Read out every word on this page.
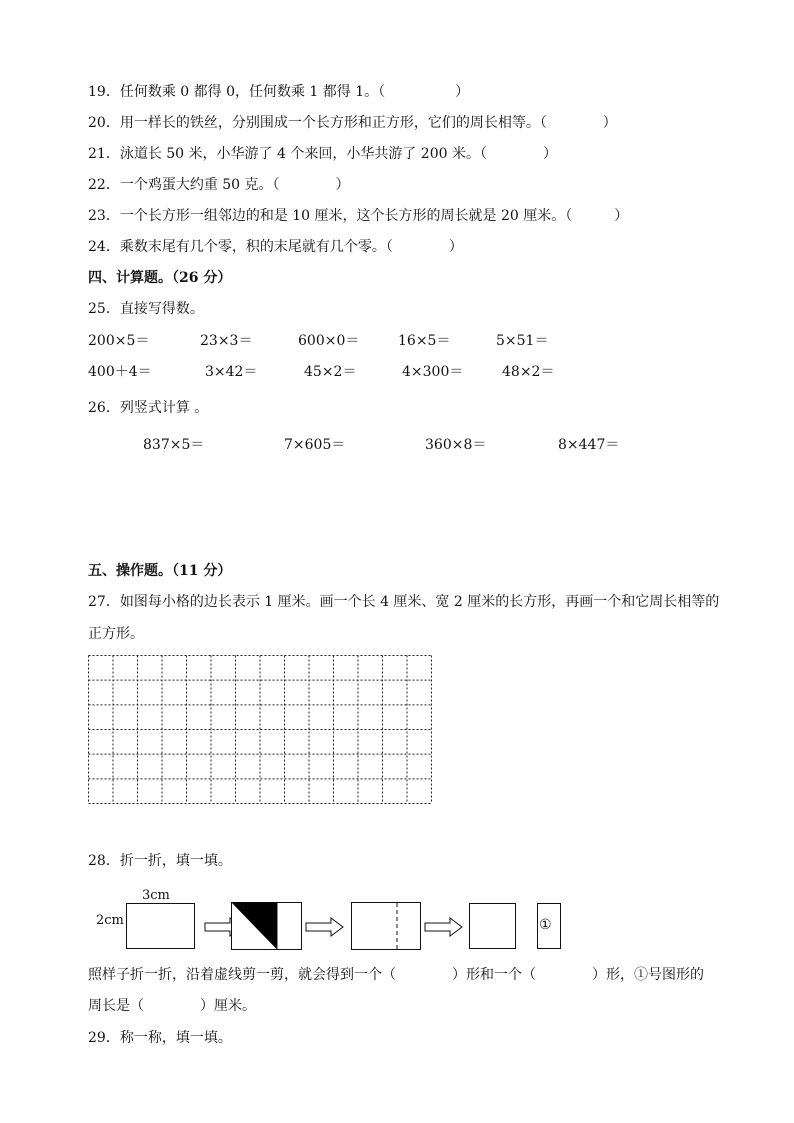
19．任何数乘 0 都得 0，任何数乘 1 都得 1。（　　　　　）
20．用一样长的铁丝，分别围成一个长方形和正方形，它们的周长相等。（　　　　）
21．泳道长 50 米，小华游了 4 个来回，小华共游了 200 米。（　　　　）
22．一个鸡蛋大约重 50 克。（　　　　）
23．一个长方形一组邻边的和是 10 厘米，这个长方形的周长就是 20 厘米。（　　　）
24．乘数末尾有几个零，积的末尾就有几个零。（　　　　）
四、计算题。（26 分）
25．直接写得数。
200×5＝	23×3＝	600×0＝	16×5＝	5×51＝
400＋4＝	3×42＝	45×2＝	4×300＝	48×2＝
26．列竖式计算 。
837×5＝	7×605＝	360×8＝	8×447＝
五、操作题。（11 分）
27．如图每小格的边长表示 1 厘米。画一个长 4 厘米、宽 2 厘米的长方形，再画一个和它周长相等的
正方形。
28．折一折，填一填。
3cm
2cm	①
照样子折一折，沿着虚线剪一剪，就会得到一个（　　　　）形和一个（　　　　）形，①号图形的
周长是（　　　　）厘米。
29．称一称，填一填。
